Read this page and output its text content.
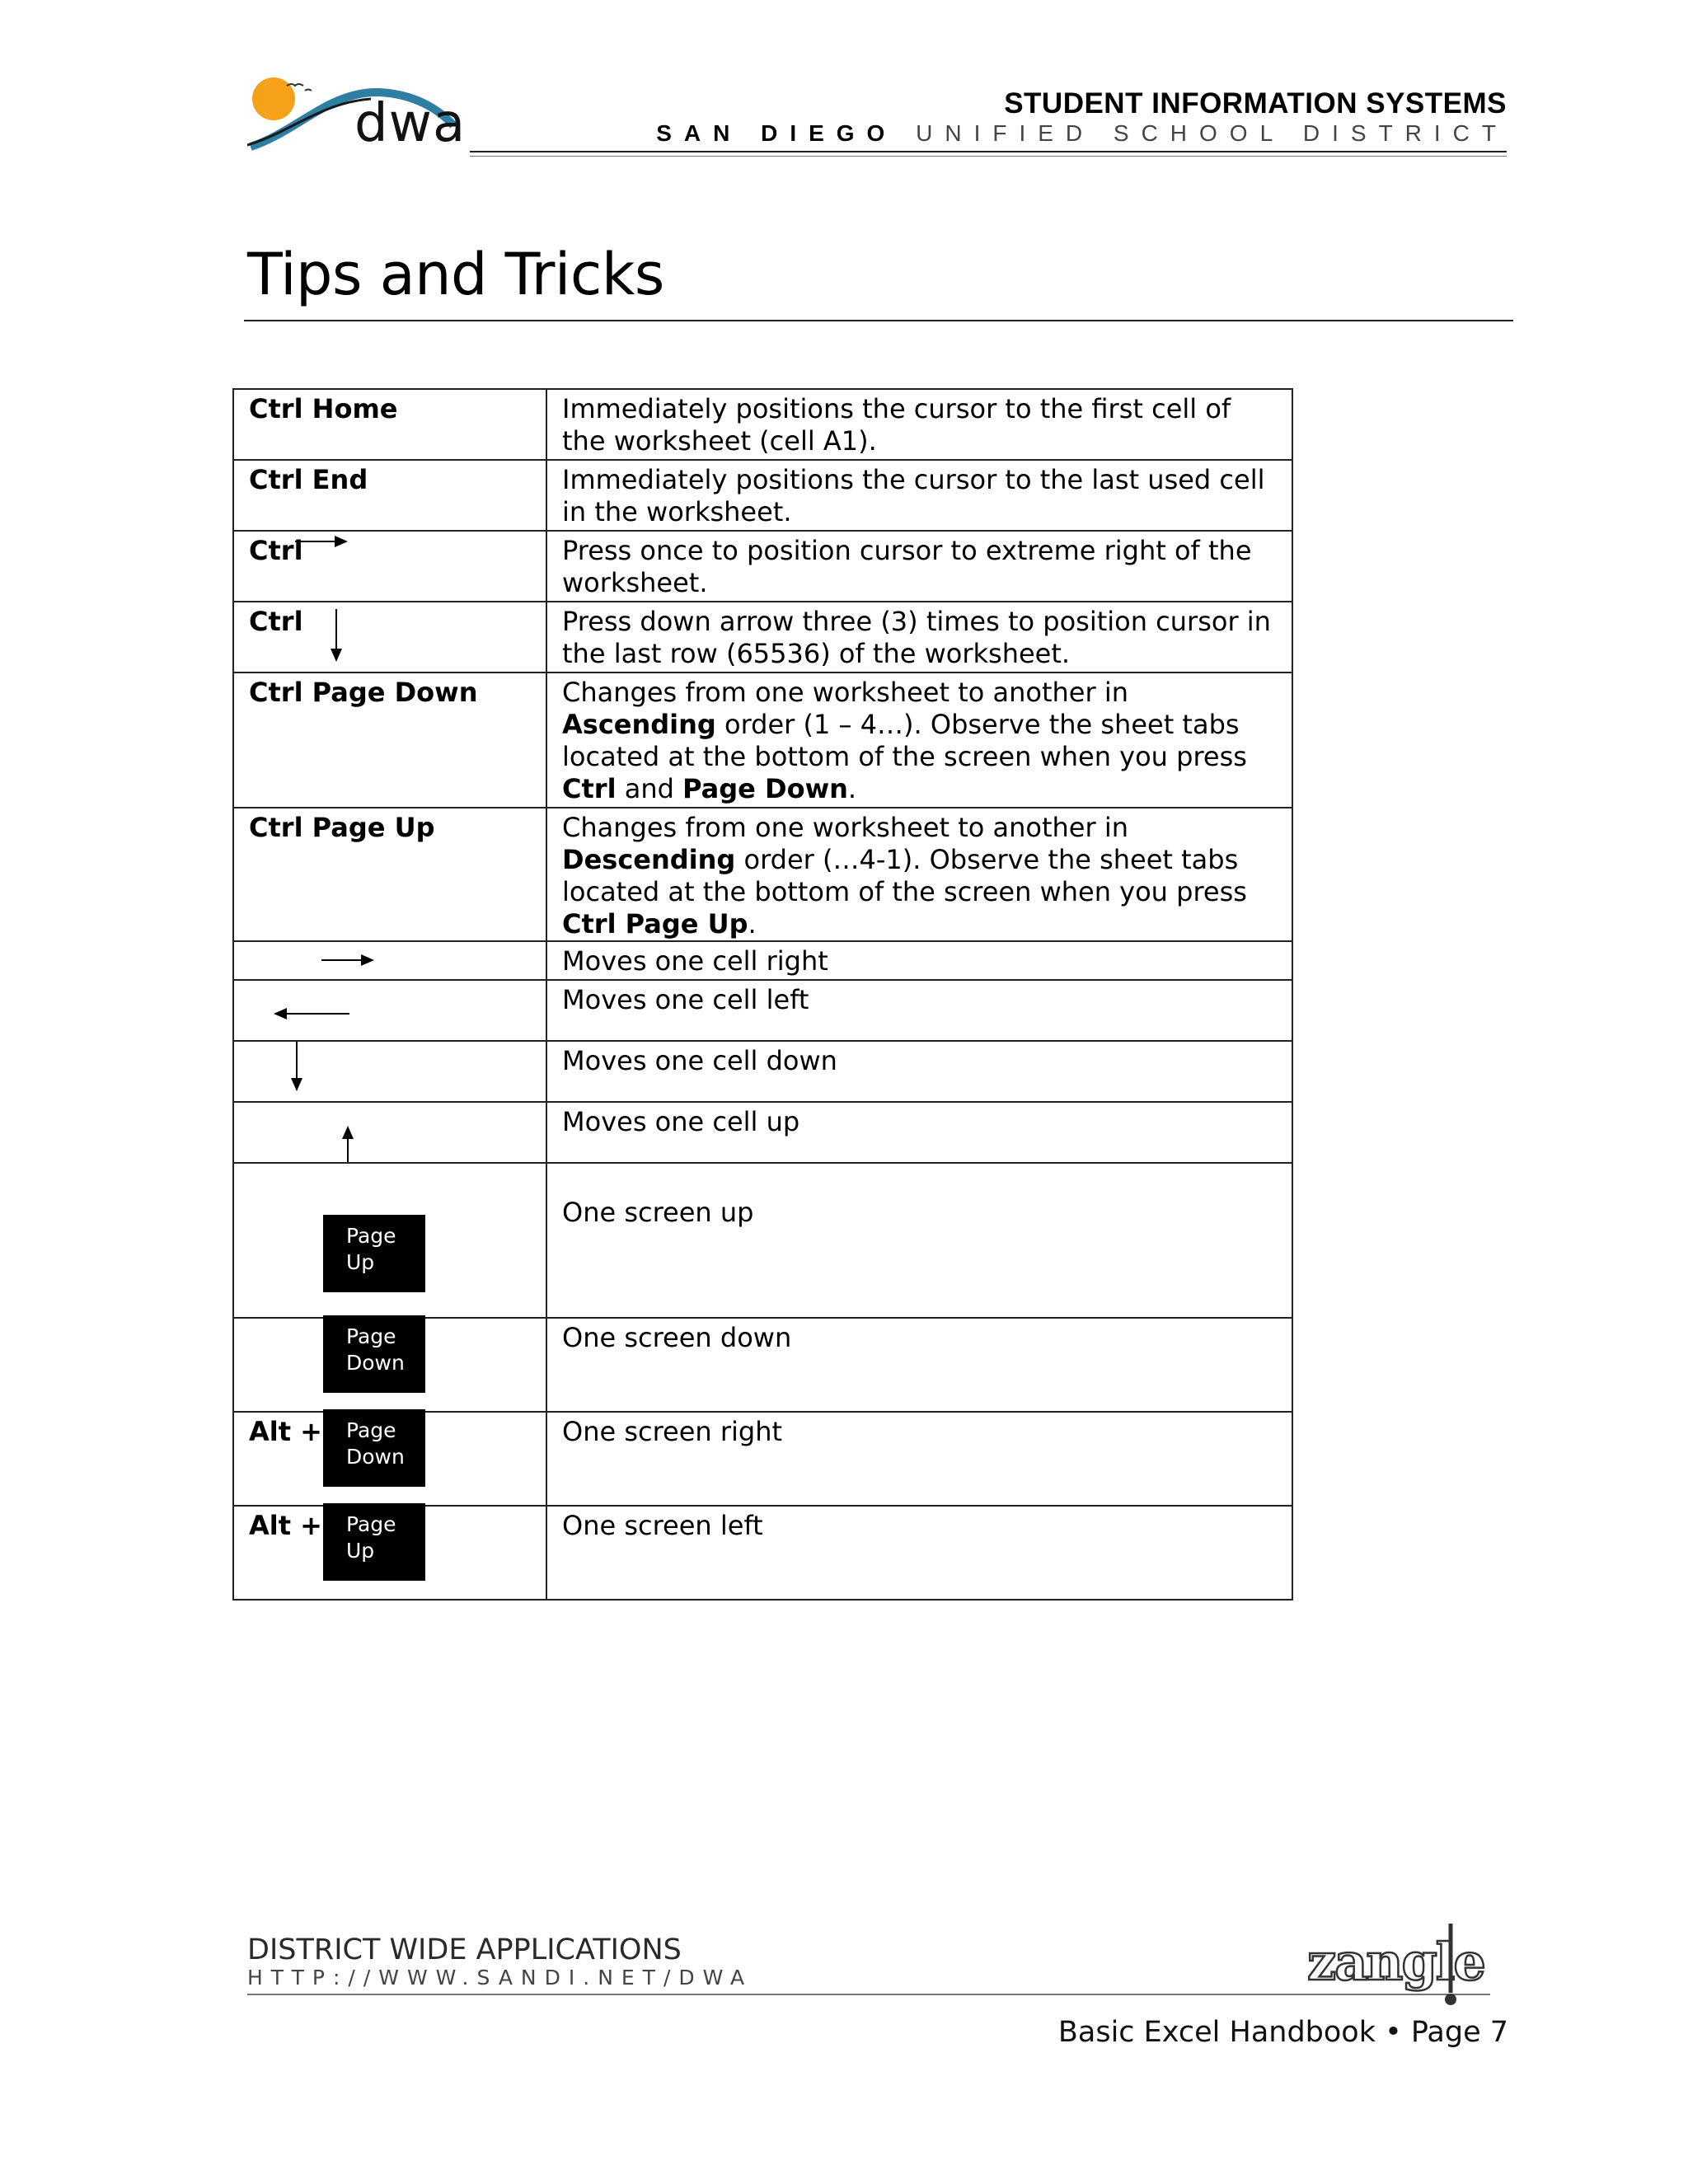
dwa	STUDENT INFORMATION SYSTEMS
SAN DIEGO UNIFIED SCHOOL DISTRICT
Tips and Tricks
Ctrl Home	Immediately positions the cursor to the first cell of the worksheet (cell A1).
Ctrl End	Immediately positions the cursor to the last used cell in the worksheet.
Ctrl	Press once to position cursor to extreme right of the worksheet.
Ctrl	Press down arrow three (3) times to position cursor in the last row (65536) of the worksheet.
Ctrl Page Down	Changes from one worksheet to another in Ascending order (1 – 4…). Observe the sheet tabs located at the bottom of the screen when you press Ctrl and Page Down.
Ctrl Page Up	Changes from one worksheet to another in Descending order (…4-1). Observe the sheet tabs located at the bottom of the screen when you press Ctrl Page Up.

	Moves one cell right

	Moves one cell left

	Moves one cell down

	Moves one cell up

Page
Up	One screen up

Page
Down	One screen down
Alt + Page
Down	One screen right
Alt + Page
Up	One screen left
DISTRICT WIDE APPLICATIONS
HTTP://WWW.SANDI.NET/DWA	zangle
Basic Excel Handbook • Page 7
